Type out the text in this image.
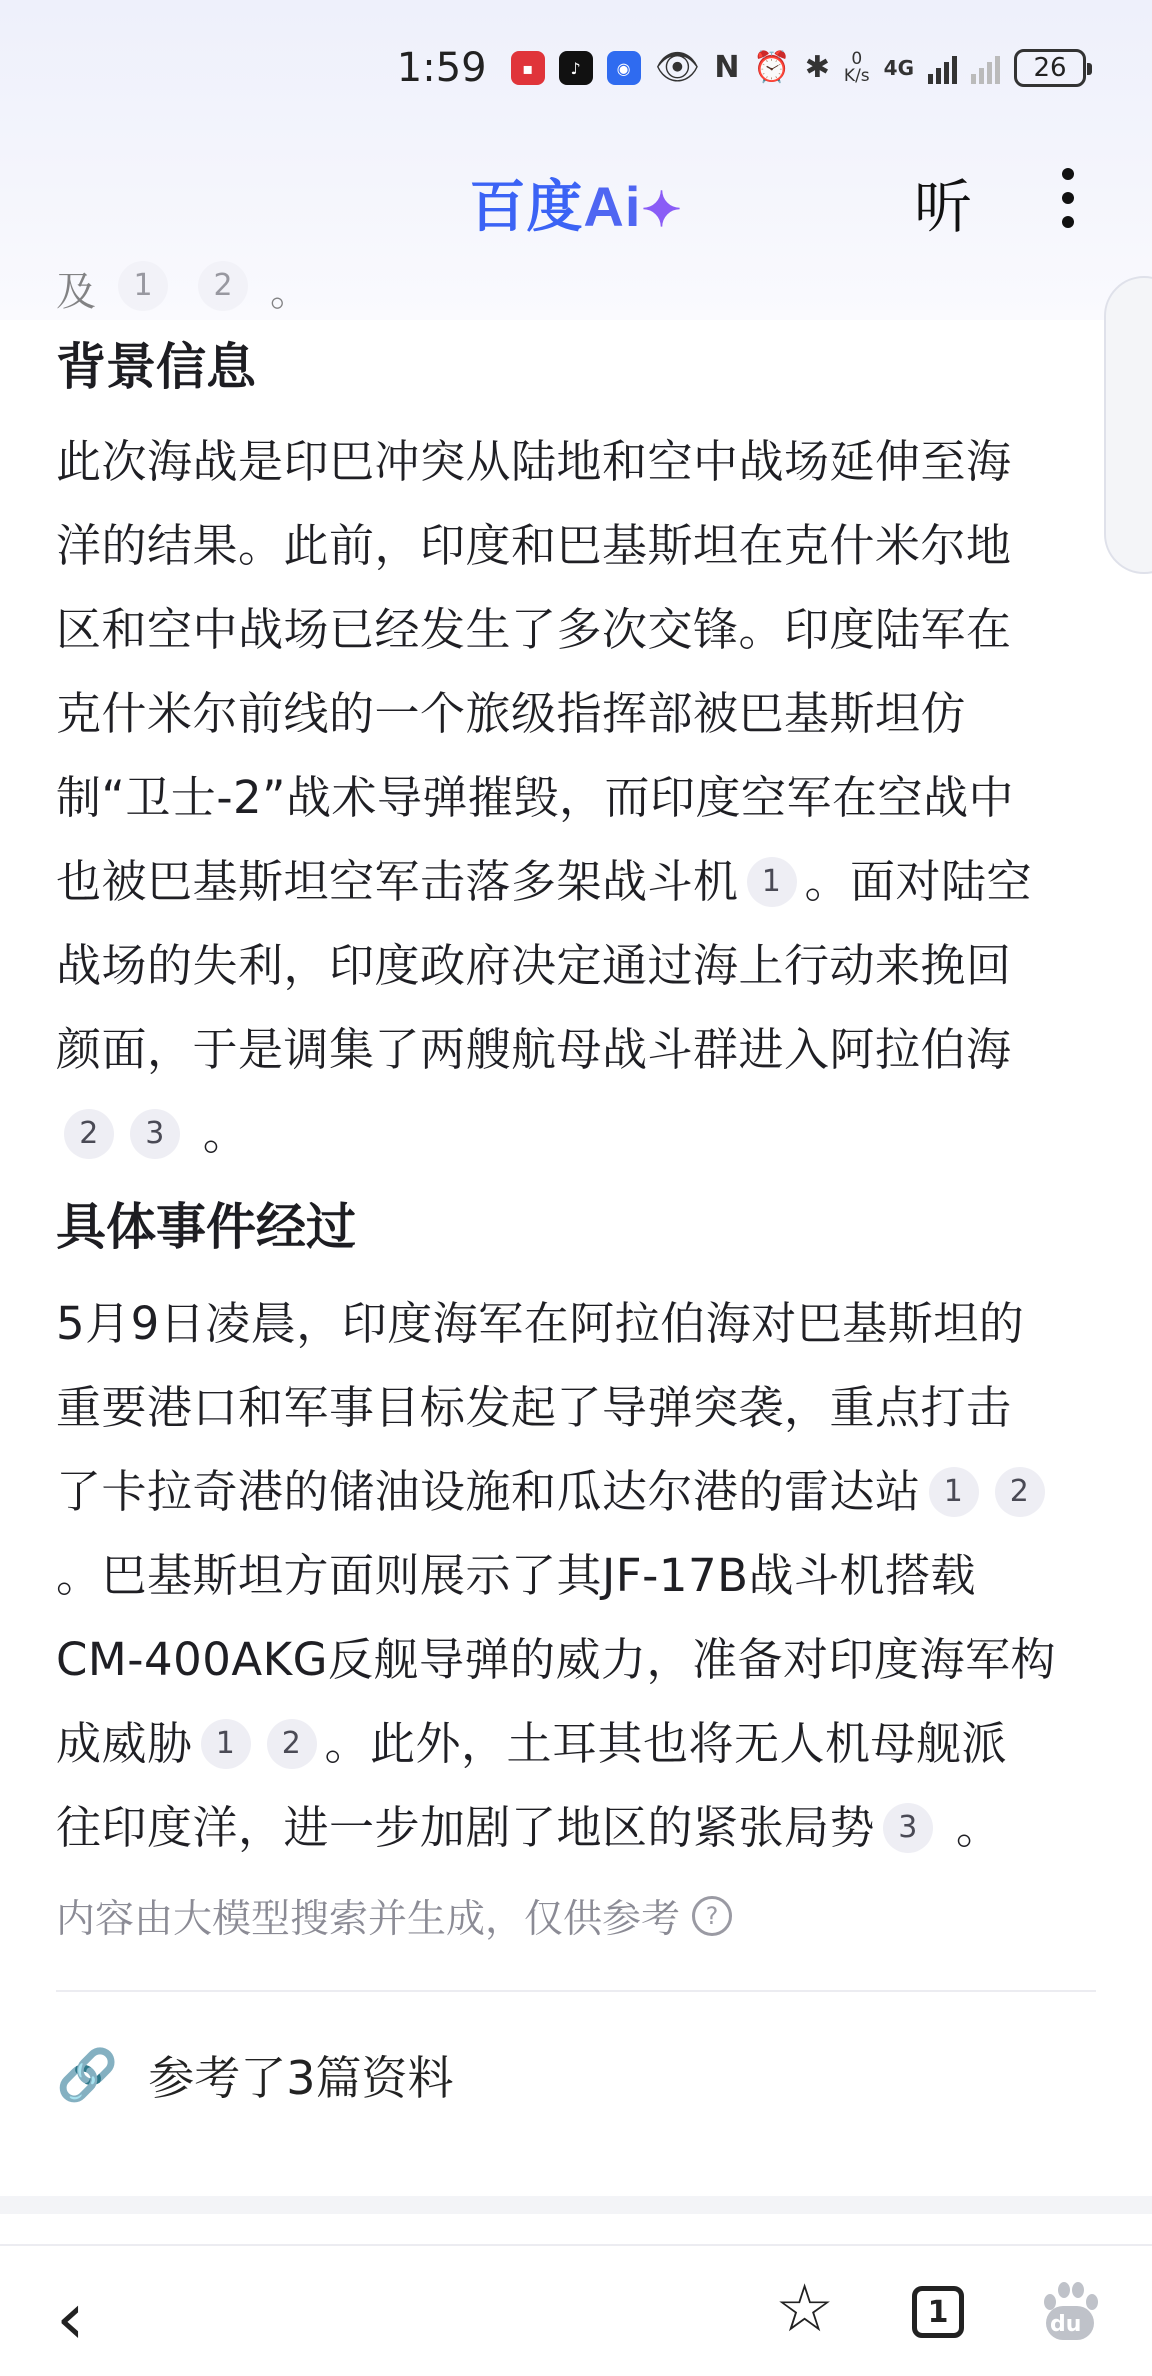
1:59	▪	♪	◉ 👁 N ⏰ ✱	0
K/s 4G	26
百度Ai✦	听
及	1	2 。
背景信息
此次海战是印巴冲突从陆地和空中战场延伸至海
洋的结果。此前，印度和巴基斯坦在克什米尔地
区和空中战场已经发生了多次交锋。印度陆军在
克什米尔前线的一个旅级指挥部被巴基斯坦仿
制“卫士-2”战术导弹摧毁，而印度空军在空战中
也被巴基斯坦空军击落多架战斗机 1 。面对陆空
战场的失利，印度政府决定通过海上行动来挽回
颜面，于是调集了两艘航母战斗群进入阿拉伯海
2 3 。
具体事件经过
5月9日凌晨，印度海军在阿拉伯海对巴基斯坦的
重要港口和军事目标发起了导弹突袭，重点打击
了卡拉奇港的储油设施和瓜达尔港的雷达站 1 2
。巴基斯坦方面则展示了其JF-17B战斗机搭载
CM-400AKG反舰导弹的威力，准备对印度海军构
成威胁 1 2 。此外，土耳其也将无人机母舰派
往印度洋，进一步加剧了地区的紧张局势 3 。
内容由大模型搜索并生成，仅供参考	?
🔗 参考了3篇资料
‹	☆	1	du
